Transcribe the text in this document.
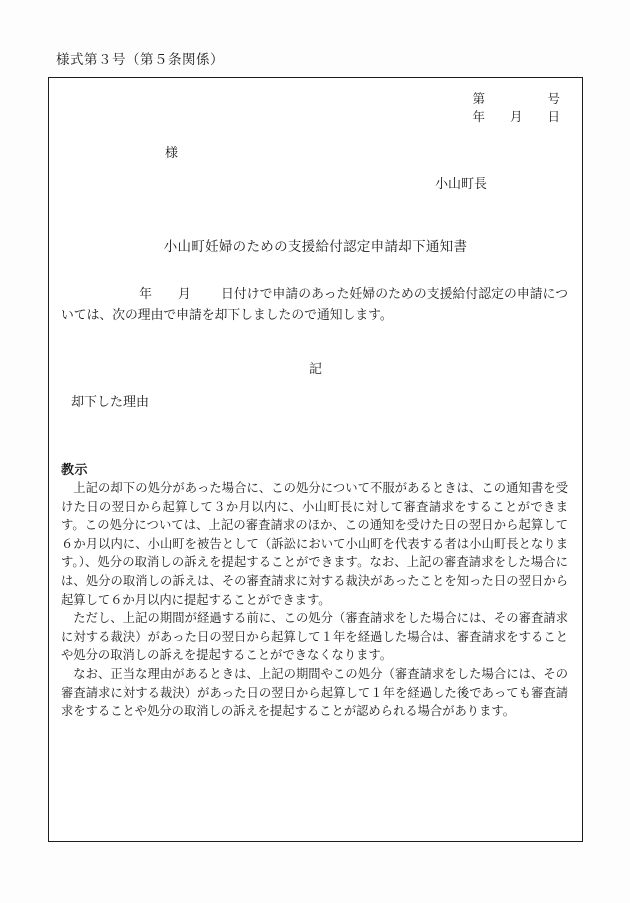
様式第３号（第５条関係）
第　　　　　号
年　　月　　日
様
小山町長
小山町妊婦のための支援給付認定申請却下通知書
年 月 日付けで申請のあった妊婦のための支援給付認定の申請については、次の理由で申請を却下しましたので通知します。
記
却下した理由
教示

上記の却下の処分があった場合に、この処分について不服があるときは、この通知書を受けた日の翌日から起算して３か月以内に、小山町長に対して審査請求をすることができます。この処分については、上記の審査請求のほか、この通知を受けた日の翌日から起算して６か月以内に、小山町を被告として（訴訟において小山町を代表する者は小山町長となります。）、処分の取消しの訴えを提起することができます。なお、上記の審査請求をした場合には、処分の取消しの訴えは、その審査請求に対する裁決があったことを知った日の翌日から起算して６か月以内に提起することができます。

ただし、上記の期間が経過する前に、この処分（審査請求をした場合には、その審査請求に対する裁決）があった日の翌日から起算して１年を経過した場合は、審査請求をすることや処分の取消しの訴えを提起することができなくなります。

なお、正当な理由があるときは、上記の期間やこの処分（審査請求をした場合には、その審査請求に対する裁決）があった日の翌日から起算して１年を経過した後であっても審査請求をすることや処分の取消しの訴えを提起することが認められる場合があります。
